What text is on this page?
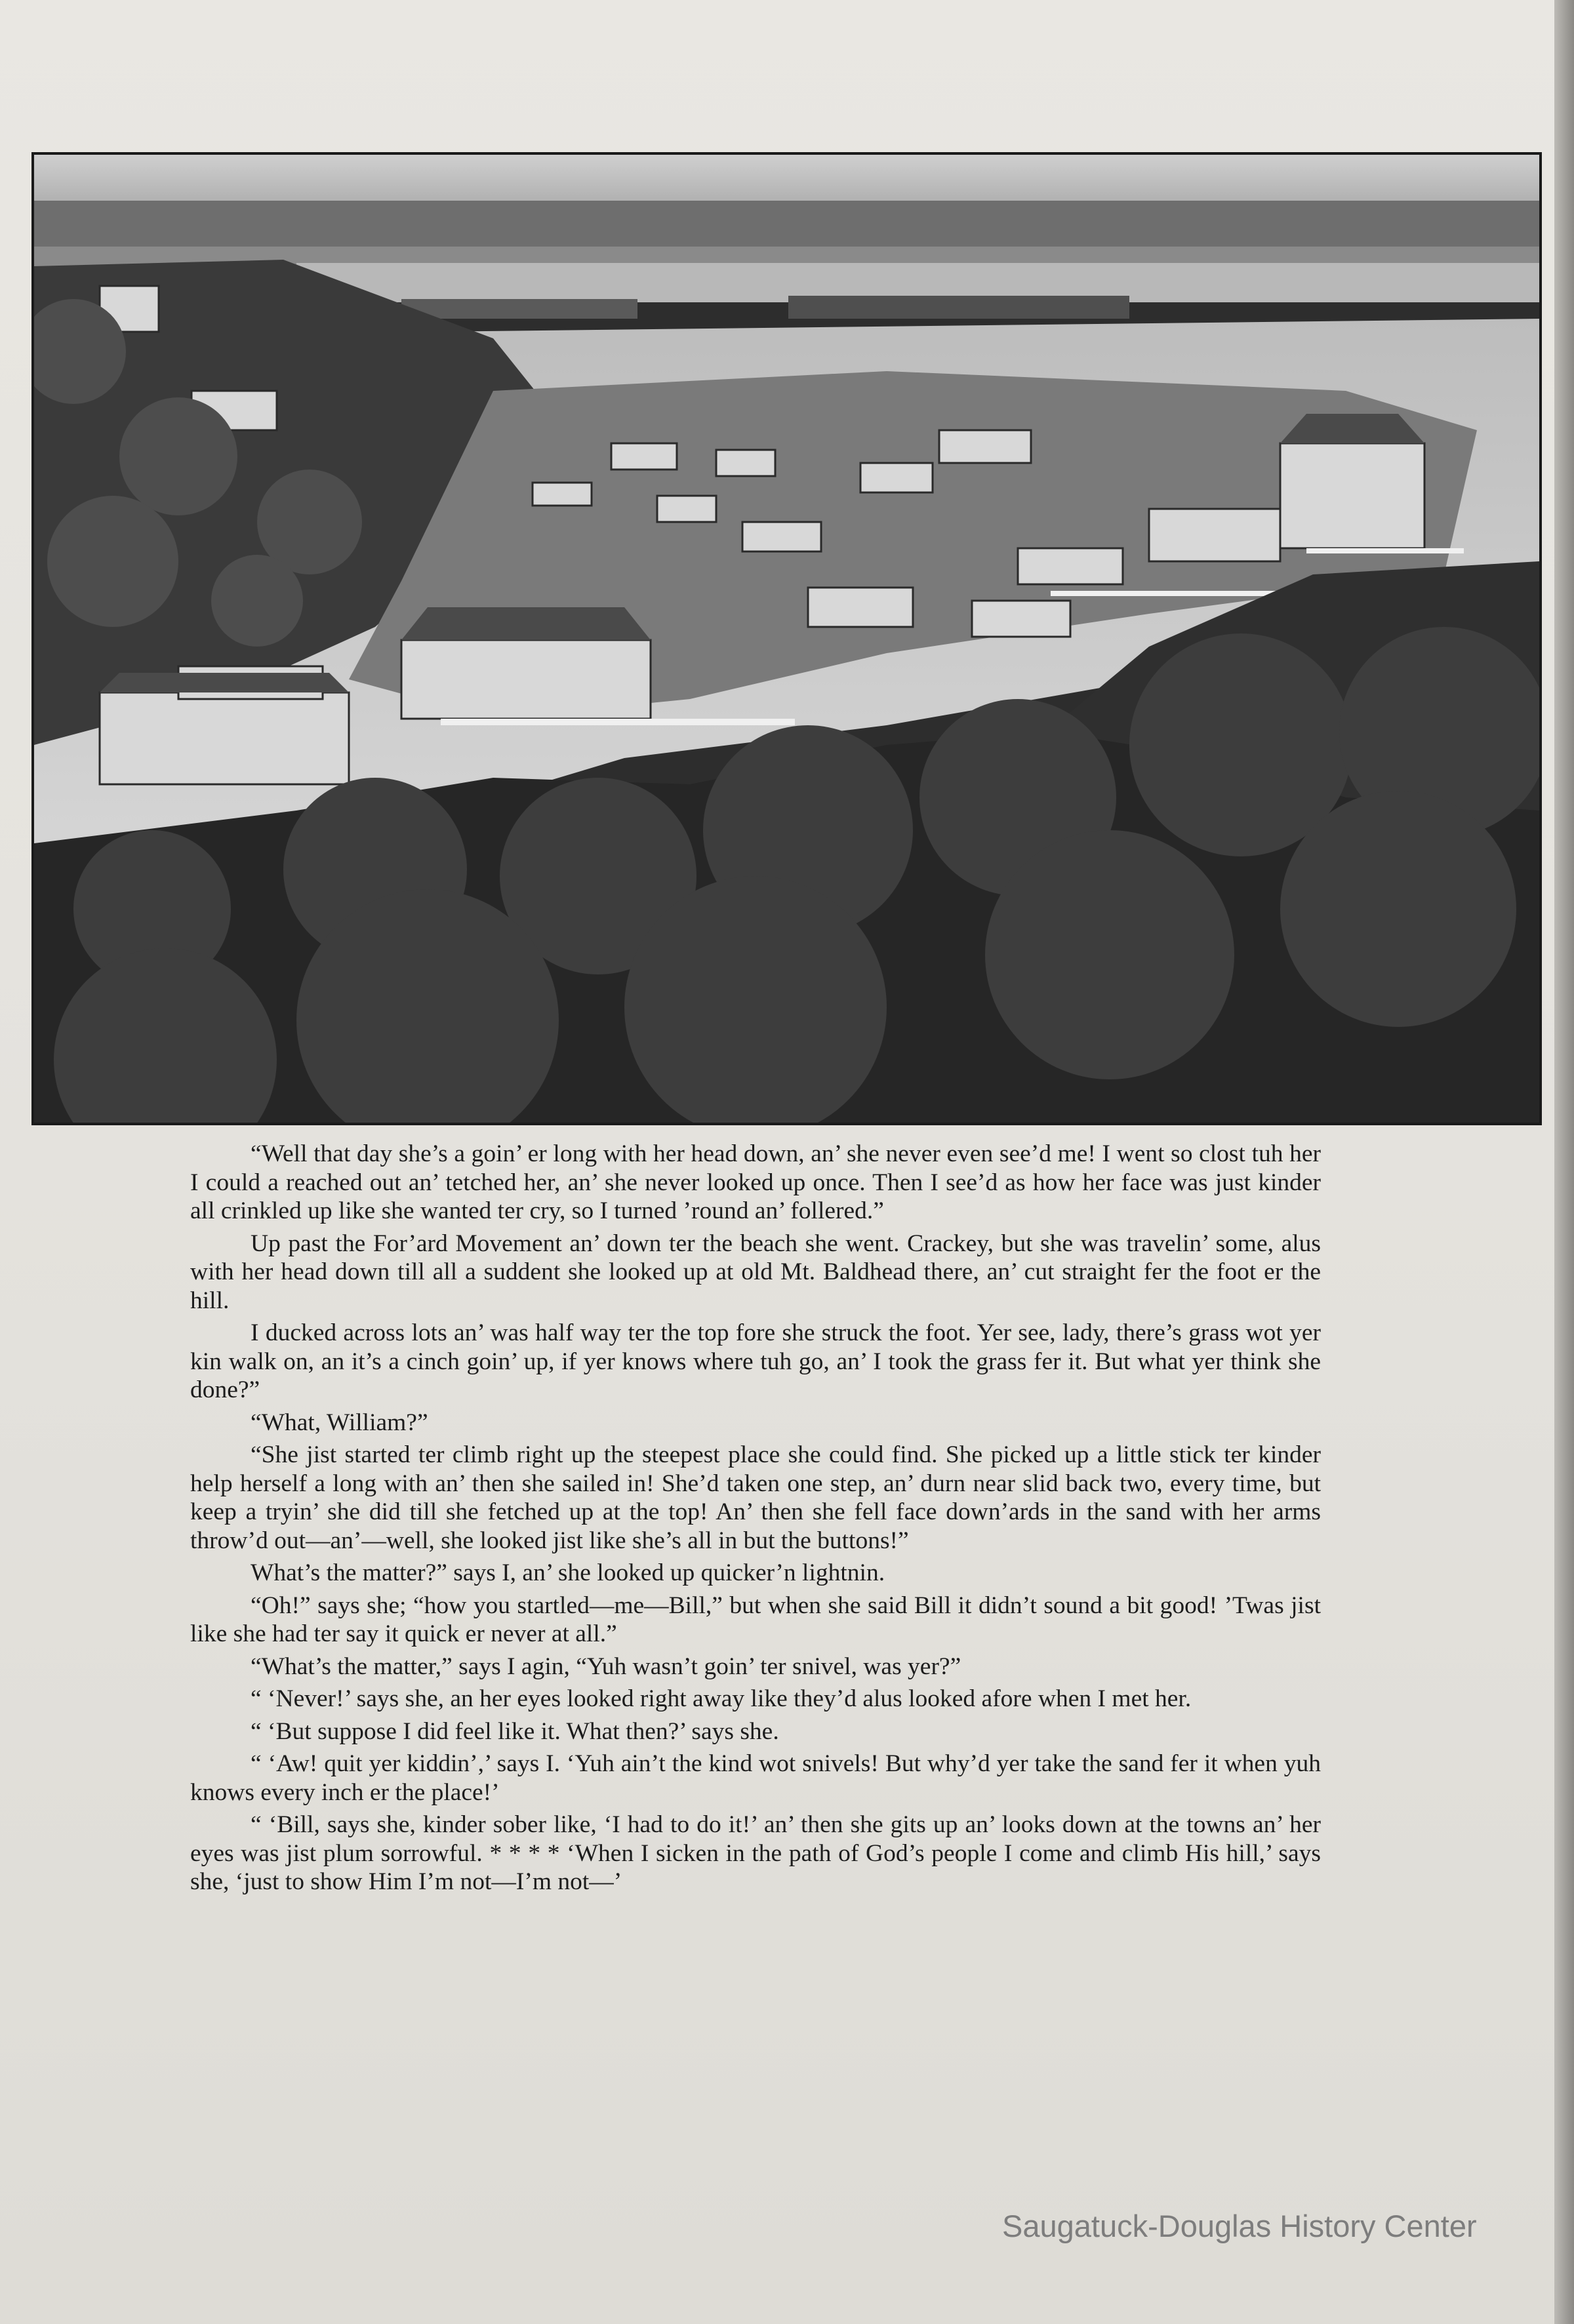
“Well that day she’s a goin’ er long with her head down, an’ she never even see’d me! I went so clost tuh her I could a reached out an’ tetched her, an’ she never looked up once. Then I see’d as how her face was just kinder all crinkled up like she wanted ter cry, so I turned ’round an’ follered.”

Up past the For’ard Movement an’ down ter the beach she went. Crackey, but she was travelin’ some, alus with her head down till all a suddent she looked up at old Mt. Baldhead there, an’ cut straight fer the foot er the hill.

I ducked across lots an’ was half way ter the top fore she struck the foot. Yer see, lady, there’s grass wot yer kin walk on, an it’s a cinch goin’ up, if yer knows where tuh go, an’ I took the grass fer it. But what yer think she done?”

“What, William?”

“She jist started ter climb right up the steepest place she could find. She picked up a little stick ter kinder help herself a long with an’ then she sailed in! She’d taken one step, an’ durn near slid back two, every time, but keep a tryin’ she did till she fetched up at the top! An’ then she fell face down’ards in the sand with her arms throw’d out—an’—well, she looked jist like she’s all in but the buttons!”

What’s the matter?” says I, an’ she looked up quicker’n lightnin.

“Oh!” says she; “how you startled—me—Bill,” but when she said Bill it didn’t sound a bit good! ’Twas jist like she had ter say it quick er never at all.”

“What’s the matter,” says I agin, “Yuh wasn’t goin’ ter snivel, was yer?”

“ ‘Never!’ says she, an her eyes looked right away like they’d alus looked afore when I met her.

“ ‘But suppose I did feel like it. What then?’ says she.

“ ‘Aw! quit yer kiddin’,’ says I. ‘Yuh ain’t the kind wot snivels! But why’d yer take the sand fer it when yuh knows every inch er the place!’

“ ‘Bill, says she, kinder sober like, ‘I had to do it!’ an’ then she gits up an’ looks down at the towns an’ her eyes was jist plum sorrowful. * * * * ‘When I sicken in the path of God’s people I come and climb His hill,’ says she, ‘just to show Him I’m not—I’m not—’

Saugatuck-Douglas History Center
